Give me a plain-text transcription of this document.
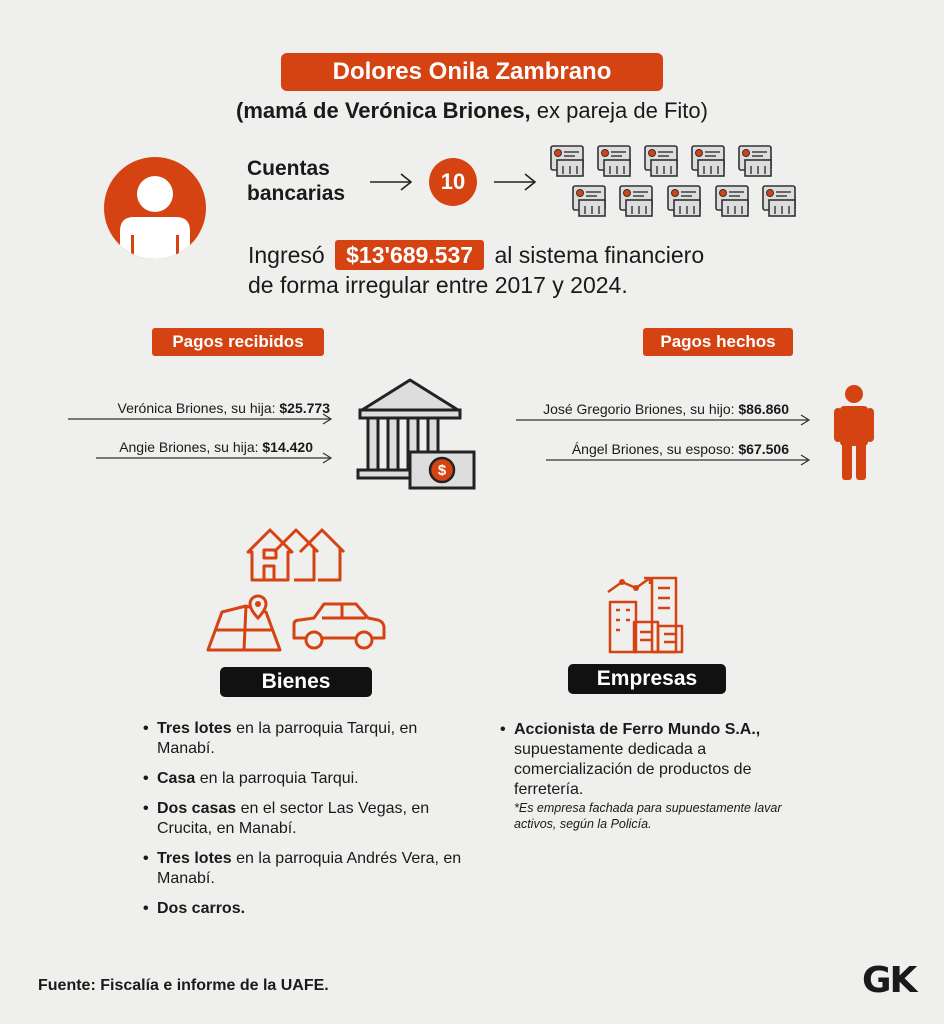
Dolores Onila Zambrano
(mamá de Verónica Briones, ex pareja de Fito)
Cuentas
bancarias	10
Ingresó $13'689.537 al sistema financiero
de forma irregular entre 2017 y 2024.
Pagos recibidos
Verónica Briones, su hija: $25.773
Angie Briones, su hija: $14.420
$
Pagos hechos
José Gregorio Briones, su hijo: $86.860
Ángel Briones, su esposo: $67.506
Bienes
• Tres lotes en la parroquia Tarqui, en Manabí.
• Casa en la parroquia Tarqui.
• Dos casas en el sector Las Vegas, en Crucita, en Manabí.
• Tres lotes en la parroquia Andrés Vera, en Manabí.
• Dos carros.
Empresas
• Accionista de Ferro Mundo S.A., supuestamente dedicada a comercialización de productos de ferretería.
*Es empresa fachada para supuestamente lavar activos, según la Policía.
Fuente: Fiscalía e informe de la UAFE.	GK
